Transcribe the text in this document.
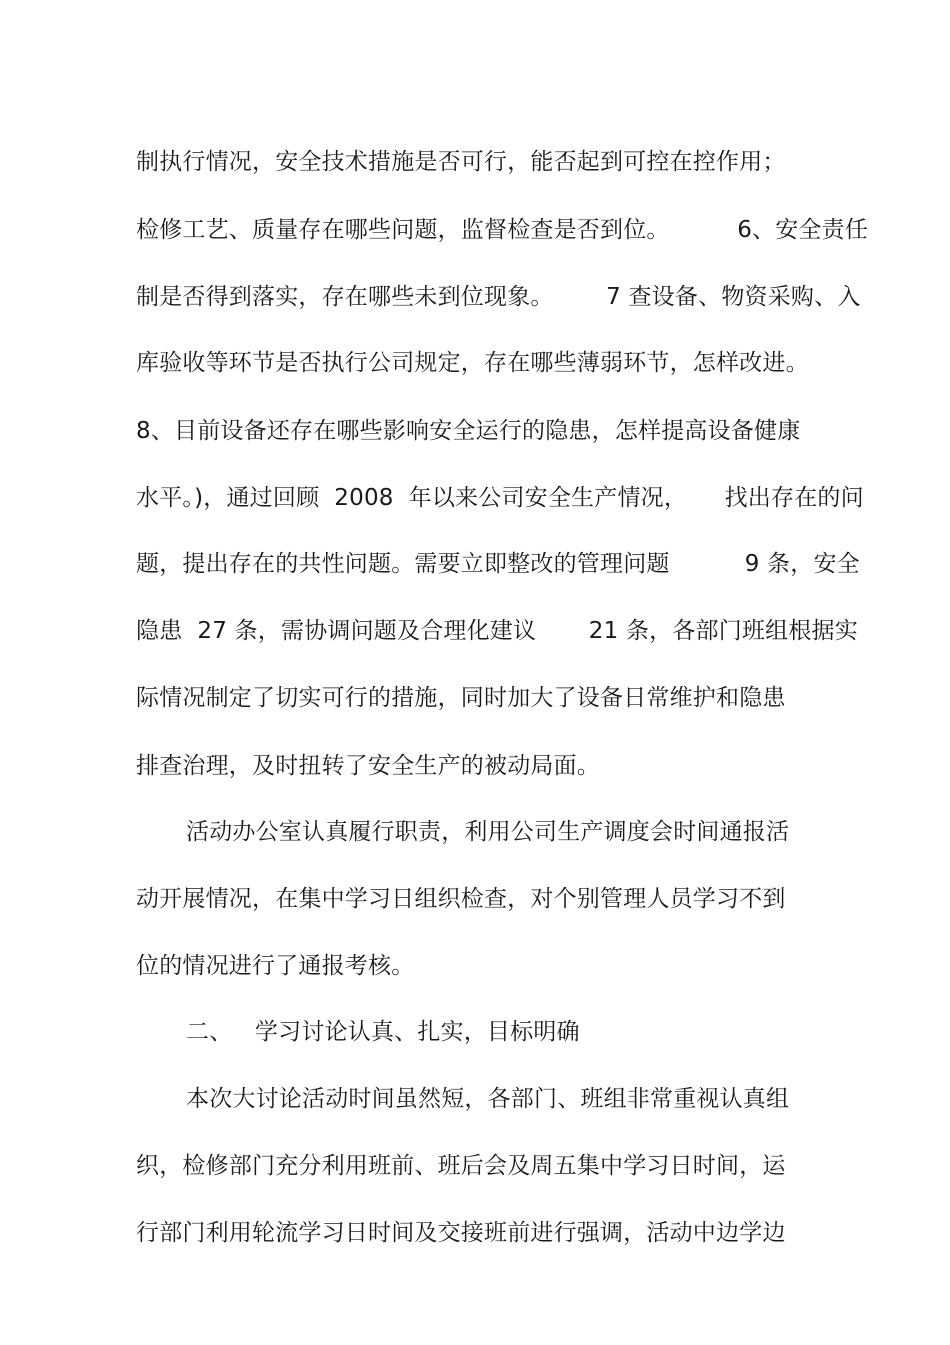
制执行情况，安全技术措施是否可行，能否起到可控在控作用；
检修工艺、质量存在哪些问题，监督检查是否到位。         6、安全责任
制是否得到落实，存在哪些未到位现象。       7 查设备、物资采购、入
库验收等环节是否执行公司规定，存在哪些薄弱环节，怎样改进。
8、目前设备还存在哪些影响安全运行的隐患，怎样提高设备健康
水平。)，通过回顾  2008  年以来公司安全生产情况，     找出存在的问
题，提出存在的共性问题。需要立即整改的管理问题          9 条，安全
隐患  27 条，需协调问题及合理化建议       21 条，各部门班组根据实
际情况制定了切实可行的措施，同时加大了设备日常维护和隐患
排查治理，及时扭转了安全生产的被动局面。
活动办公室认真履行职责，利用公司生产调度会时间通报活
动开展情况，在集中学习日组织检查，对个别管理人员学习不到
位的情况进行了通报考核。
二、   学习讨论认真、扎实，目标明确
本次大讨论活动时间虽然短，各部门、班组非常重视认真组
织，检修部门充分利用班前、班后会及周五集中学习日时间，运
行部门利用轮流学习日时间及交接班前进行强调，活动中边学边
